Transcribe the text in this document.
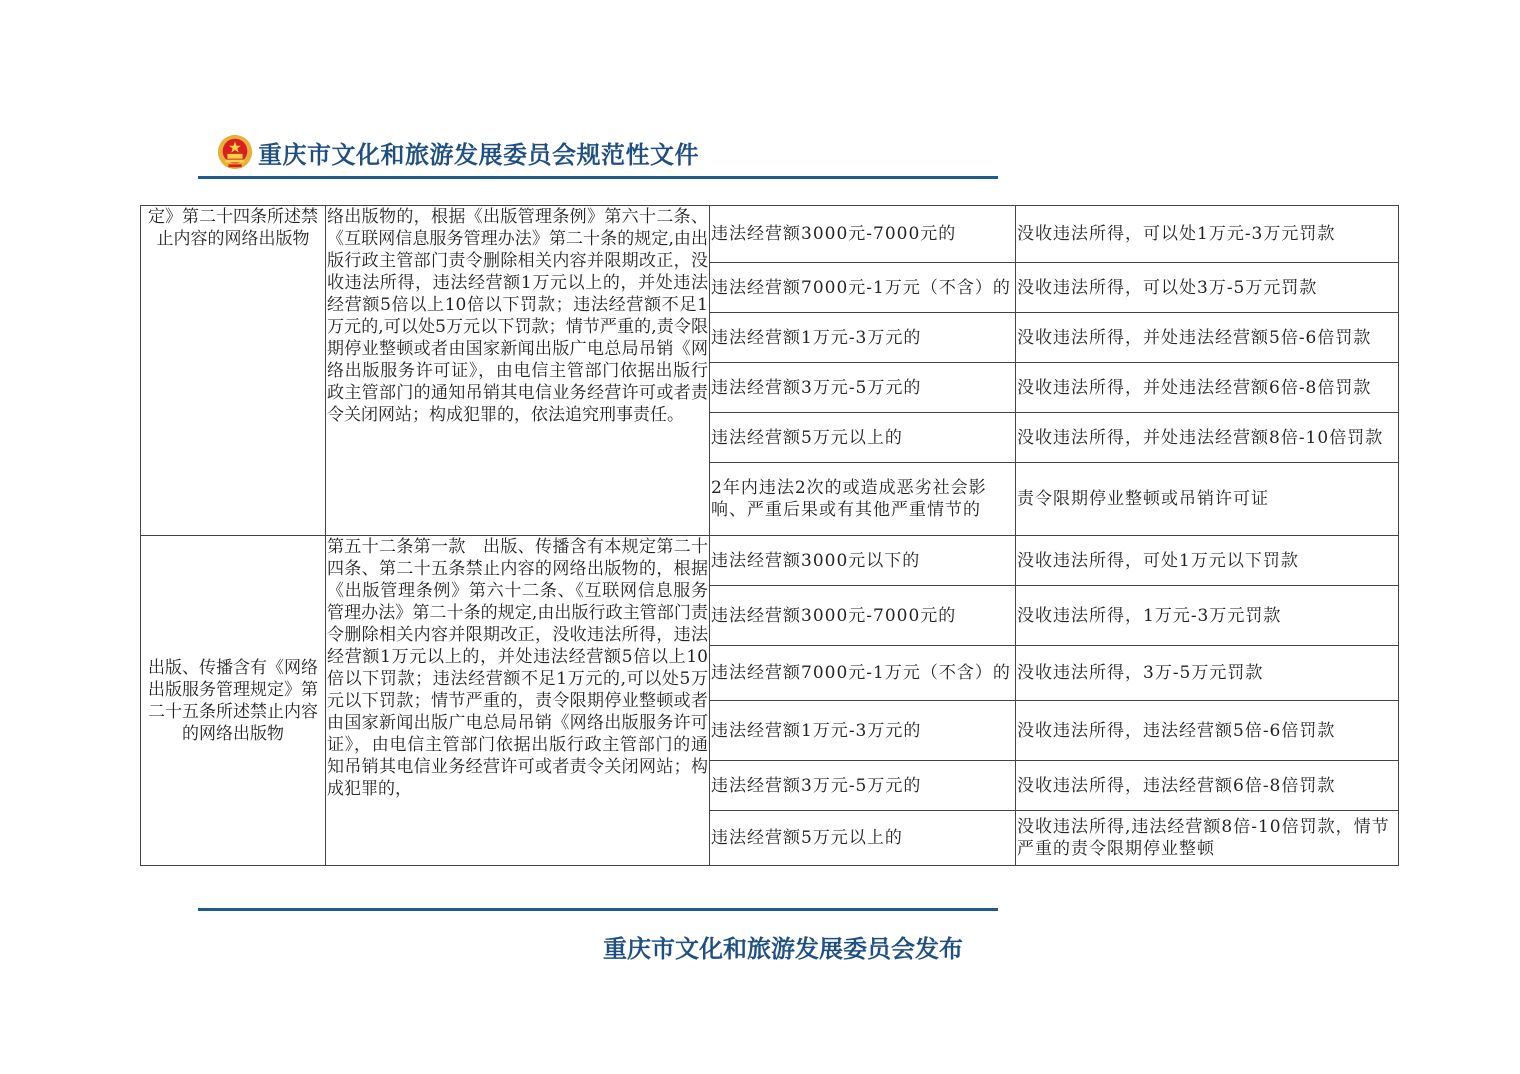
重庆市文化和旅游发展委员会规范性文件
定》第二十四条所述禁止内容的网络出版物	络出版物的，根据《出版管理条例》第六十二条、《互联网信息服务管理办法》第二十条的规定,由出版行政主管部门责令删除相关内容并限期改正，没收违法所得，违法经营额1万元以上的，并处违法经营额5倍以上10倍以下罚款；违法经营额不足1万元的,可以处5万元以下罚款；情节严重的,责令限期停业整顿或者由国家新闻出版广电总局吊销《网络出版服务许可证》，由电信主管部门依据出版行政主管部门的通知吊销其电信业务经营许可或者责令关闭网站；构成犯罪的，依法追究刑事责任。	违法经营额3000元-7000元的	没收违法所得，可以处1万元-3万元罚款
		违法经营额7000元-1万元（不含）的	没收违法所得，可以处3万-5万元罚款
		违法经营额1万元-3万元的	没收违法所得，并处违法经营额5倍-6倍罚款
		违法经营额3万元-5万元的	没收违法所得，并处违法经营额6倍-8倍罚款
		违法经营额5万元以上的	没收违法所得，并处违法经营额8倍-10倍罚款
		2年内违法2次的或造成恶劣社会影响、严重后果或有其他严重情节的	责令限期停业整顿或吊销许可证
出版、传播含有《网络出版服务管理规定》第二十五条所述禁止内容的网络出版物	第五十二条第一款　出版、传播含有本规定第二十四条、第二十五条禁止内容的网络出版物的，根据《出版管理条例》第六十二条、《互联网信息服务管理办法》第二十条的规定,由出版行政主管部门责令删除相关内容并限期改正，没收违法所得，违法经营额1万元以上的，并处违法经营额5倍以上10倍以下罚款；违法经营额不足1万元的,可以处5万元以下罚款；情节严重的，责令限期停业整顿或者由国家新闻出版广电总局吊销《网络出版服务许可证》，由电信主管部门依据出版行政主管部门的通知吊销其电信业务经营许可或者责令关闭网站；构成犯罪的，	违法经营额3000元以下的	没收违法所得，可处1万元以下罚款
		违法经营额3000元-7000元的	没收违法所得，1万元-3万元罚款
		违法经营额7000元-1万元（不含）的	没收违法所得，3万-5万元罚款
		违法经营额1万元-3万元的	没收违法所得，违法经营额5倍-6倍罚款
		违法经营额3万元-5万元的	没收违法所得，违法经营额6倍-8倍罚款
		违法经营额5万元以上的	没收违法所得,违法经营额8倍-10倍罚款，情节严重的责令限期停业整顿
重庆市文化和旅游发展委员会发布
